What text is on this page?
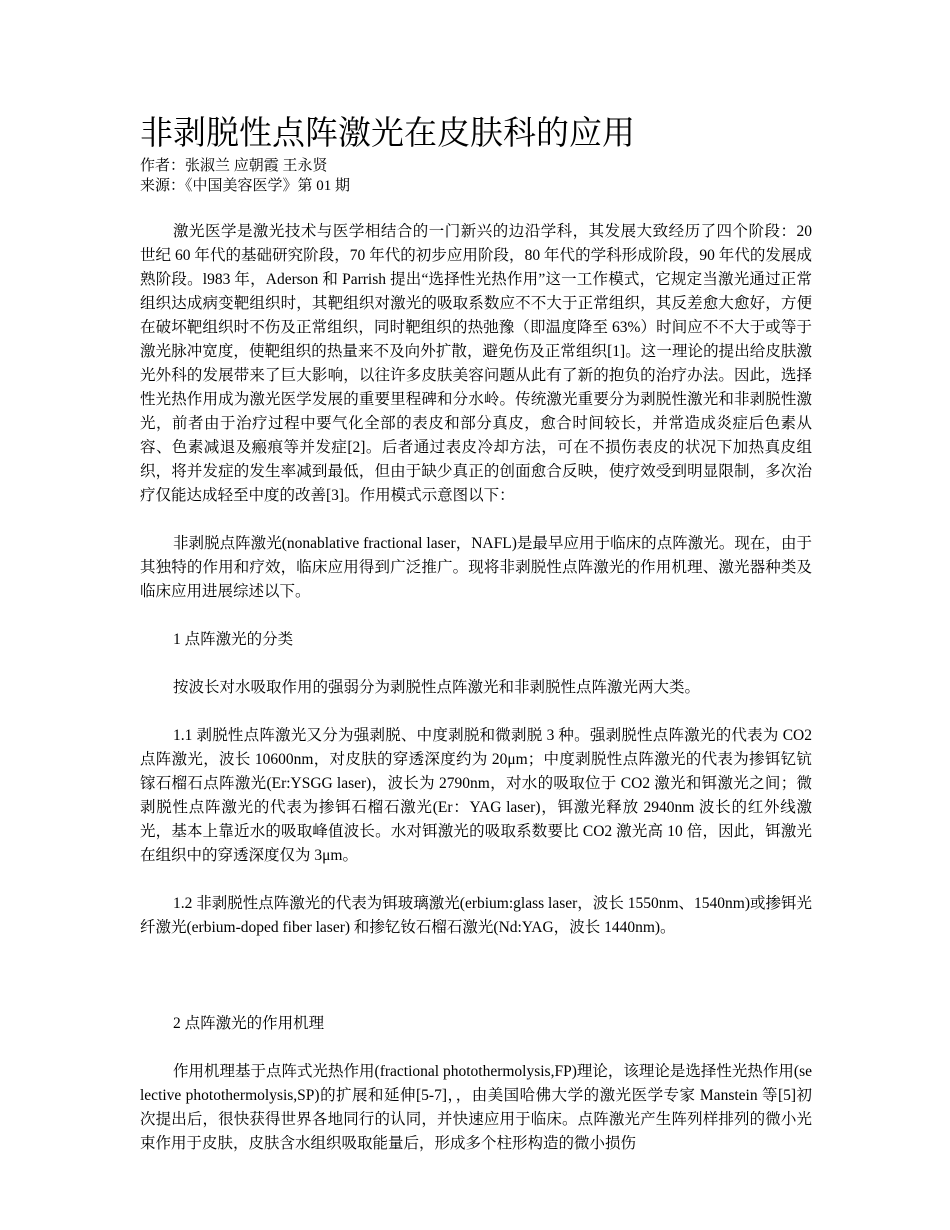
非剥脱性点阵激光在皮肤科的应用

作者：张淑兰 应朝霞 王永贤

来源：《中国美容医学》第 01 期

激光医学是激光技术与医学相结合的一门新兴的边沿学科，其发展大致经历了四个阶段：20 世纪 60 年代的基础研究阶段，70 年代的初步应用阶段，80 年代的学科形成阶段，90 年代的发展成熟阶段。l983 年，Aderson 和 Parrish 提出“选择性光热作用”这一工作模式，它规定当激光通过正常组织达成病变靶组织时，其靶组织对激光的吸取系数应不不大于正常组织，其反差愈大愈好，方便在破坏靶组织时不伤及正常组织，同时靶组织的热弛豫（即温度降至 63%）时间应不不大于或等于激光脉冲宽度，使靶组织的热量来不及向外扩散，避免伤及正常组织[1]。这一理论的提出给皮肤激光外科的发展带来了巨大影响，以往许多皮肤美容问题从此有了新的抱负的治疗办法。因此，选择性光热作用成为激光医学发展的重要里程碑和分水岭。传统激光重要分为剥脱性激光和非剥脱性激光，前者由于治疗过程中要气化全部的表皮和部分真皮，愈合时间较长，并常造成炎症后色素从容、色素减退及瘢痕等并发症[2]。后者通过表皮冷却方法，可在不损伤表皮的状况下加热真皮组织，将并发症的发生率减到最低，但由于缺少真正的创面愈合反映，使疗效受到明显限制，多次治疗仅能达成轻至中度的改善[3]。作用模式示意图以下：

非剥脱点阵激光(nonablative fractional laser，NAFL)是最早应用于临床的点阵激光。现在，由于其独特的作用和疗效，临床应用得到广泛推广。现将非剥脱性点阵激光的作用机理、激光器种类及临床应用进展综述以下。

1 点阵激光的分类

按波长对水吸取作用的强弱分为剥脱性点阵激光和非剥脱性点阵激光两大类。

1.1 剥脱性点阵激光又分为强剥脱、中度剥脱和微剥脱 3 种。强剥脱性点阵激光的代表为 CO2 点阵激光，波长 10600nm，对皮肤的穿透深度约为 20μm；中度剥脱性点阵激光的代表为掺铒钇钪镓石榴石点阵激光(Er:YSGG laser)，波长为 2790nm，对水的吸取位于 CO2 激光和铒激光之间；微剥脱性点阵激光的代表为掺铒石榴石激光(Er：YAG laser)，铒激光释放 2940nm 波长的红外线激光，基本上靠近水的吸取峰值波长。水对铒激光的吸取系数要比 CO2 激光高 10 倍，因此，铒激光在组织中的穿透深度仅为 3μm。

1.2 非剥脱性点阵激光的代表为铒玻璃激光(erbium:glass laser，波长 1550nm、1540nm)或掺铒光纤激光(erbium-doped fiber laser) 和掺钇钕石榴石激光(Nd:YAG，波长 1440nm)。

2 点阵激光的作用机理

作用机理基于点阵式光热作用(fractional photothermolysis,FP)理论，该理论是选择性光热作用(selective photothermolysis,SP)的扩展和延伸[5-7]，，由美国哈佛大学的激光医学专家 Manstein 等[5]初次提出后，很快获得世界各地同行的认同，并快速应用于临床。点阵激光产生阵列样排列的微小光束作用于皮肤，皮肤含水组织吸取能量后，形成多个柱形构造的微小损伤
